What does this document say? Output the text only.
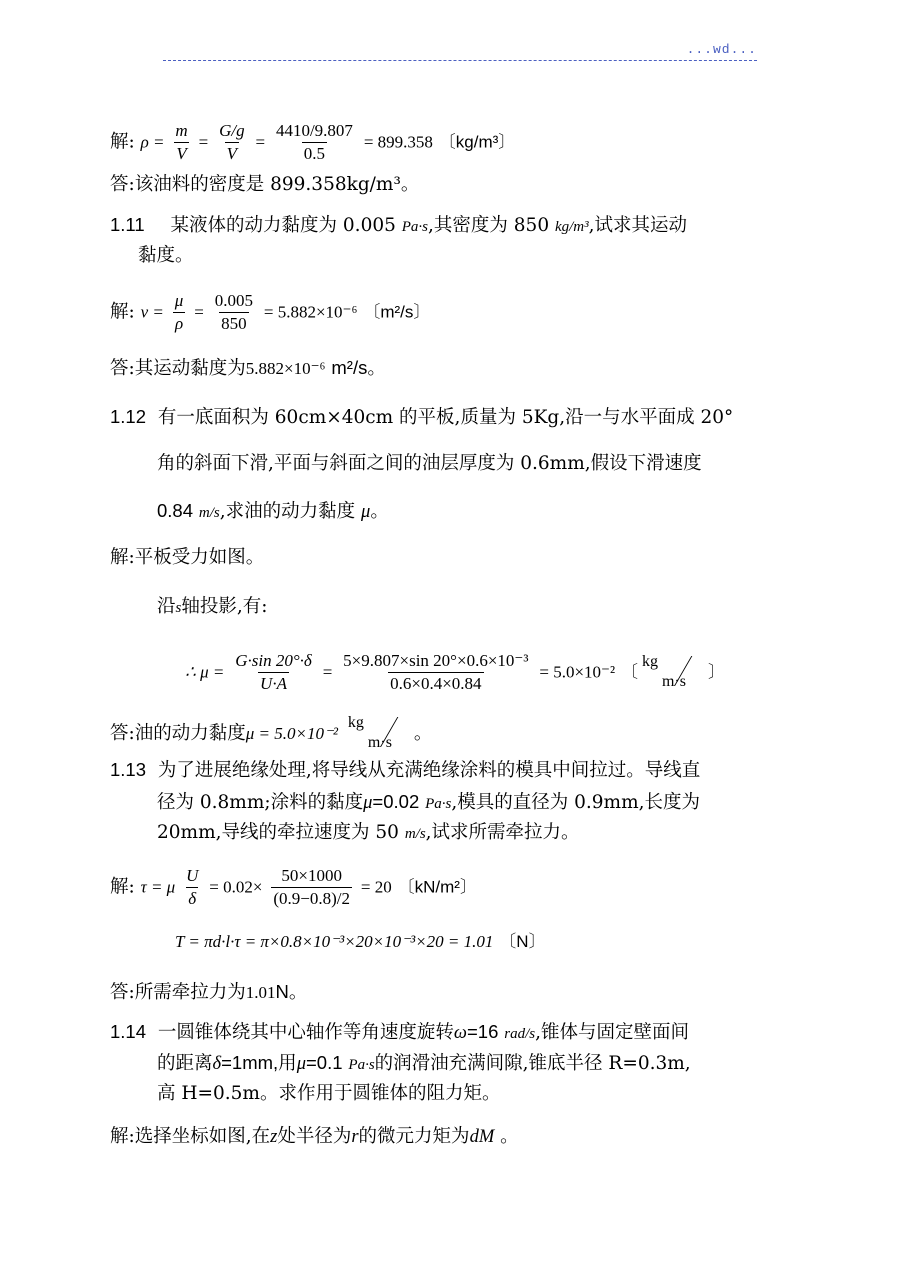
...wd...
解: $\rho = \frac{m}{V} = \frac{G/g}{V} = \frac{4410/9.807}{0.5} = 899.358$ 〔kg/m³〕
答:该油料的密度是 899.358kg/m³。
1.11 某液体的动力黏度为 0.005 Pa·s,其密度为 850 kg/m³,试求其运动
黏度。
解: $\nu = \frac{\mu}{\rho} = \frac{0.005}{850} = 5.882\times 10^{-6}$ 〔m²/s〕
答:其运动黏度为5.882×10⁻⁶ m²/s。
1.12 有一底面积为 60cm×40cm 的平板,质量为 5Kg,沿一与水平面成 20°
角的斜面下滑,平面与斜面之间的油层厚度为 0.6mm,假设下滑速度
0.84 m/s,求油的动力黏度 μ。
解:平板受力如图。
沿s轴投影,有:
∴ $\mu = \frac{G\cdot\sin 20^\circ\cdot\delta}{U\cdot A} = \frac{\text{5×9.807×sin 20°×0.6×10⁻³}}{0.6\times 0.4\times 0.84} = 5.0\times 10^{-2}$ 〔
kg
m·s 〕
答:油的动力黏度μ = 5.0×10⁻²
kg
m·s 。
1.13 为了进展绝缘处理,将导线从充满绝缘涂料的模具中间拉过。导线直
径为 0.8mm;涂料的黏度μ=0.02 Pa·s,模具的直径为 0.9mm,长度为
20mm,导线的牵拉速度为 50 m/s,试求所需牵拉力。
解: τ = μ $\frac{U}{\delta} = 0.02\times \frac{50\times 1000}{(0.9-0.8)/2} = 20$ 〔kN/m²〕
T = πd·l·τ = π×0.8×10⁻³×20×10⁻³×20 = 1.01 〔N〕
答:所需牵拉力为1.01N。
1.14 一圆锥体绕其中心轴作等角速度旋转ω=16 rad/s,锥体与固定壁面间
的距离δ=1mm,用μ=0.1 Pa·s的润滑油充满间隙,锥底半径 R=0.3m,
高 H=0.5m。求作用于圆锥体的阻力矩。
解:选择坐标如图,在z处半径为r的微元力矩为dM 。
